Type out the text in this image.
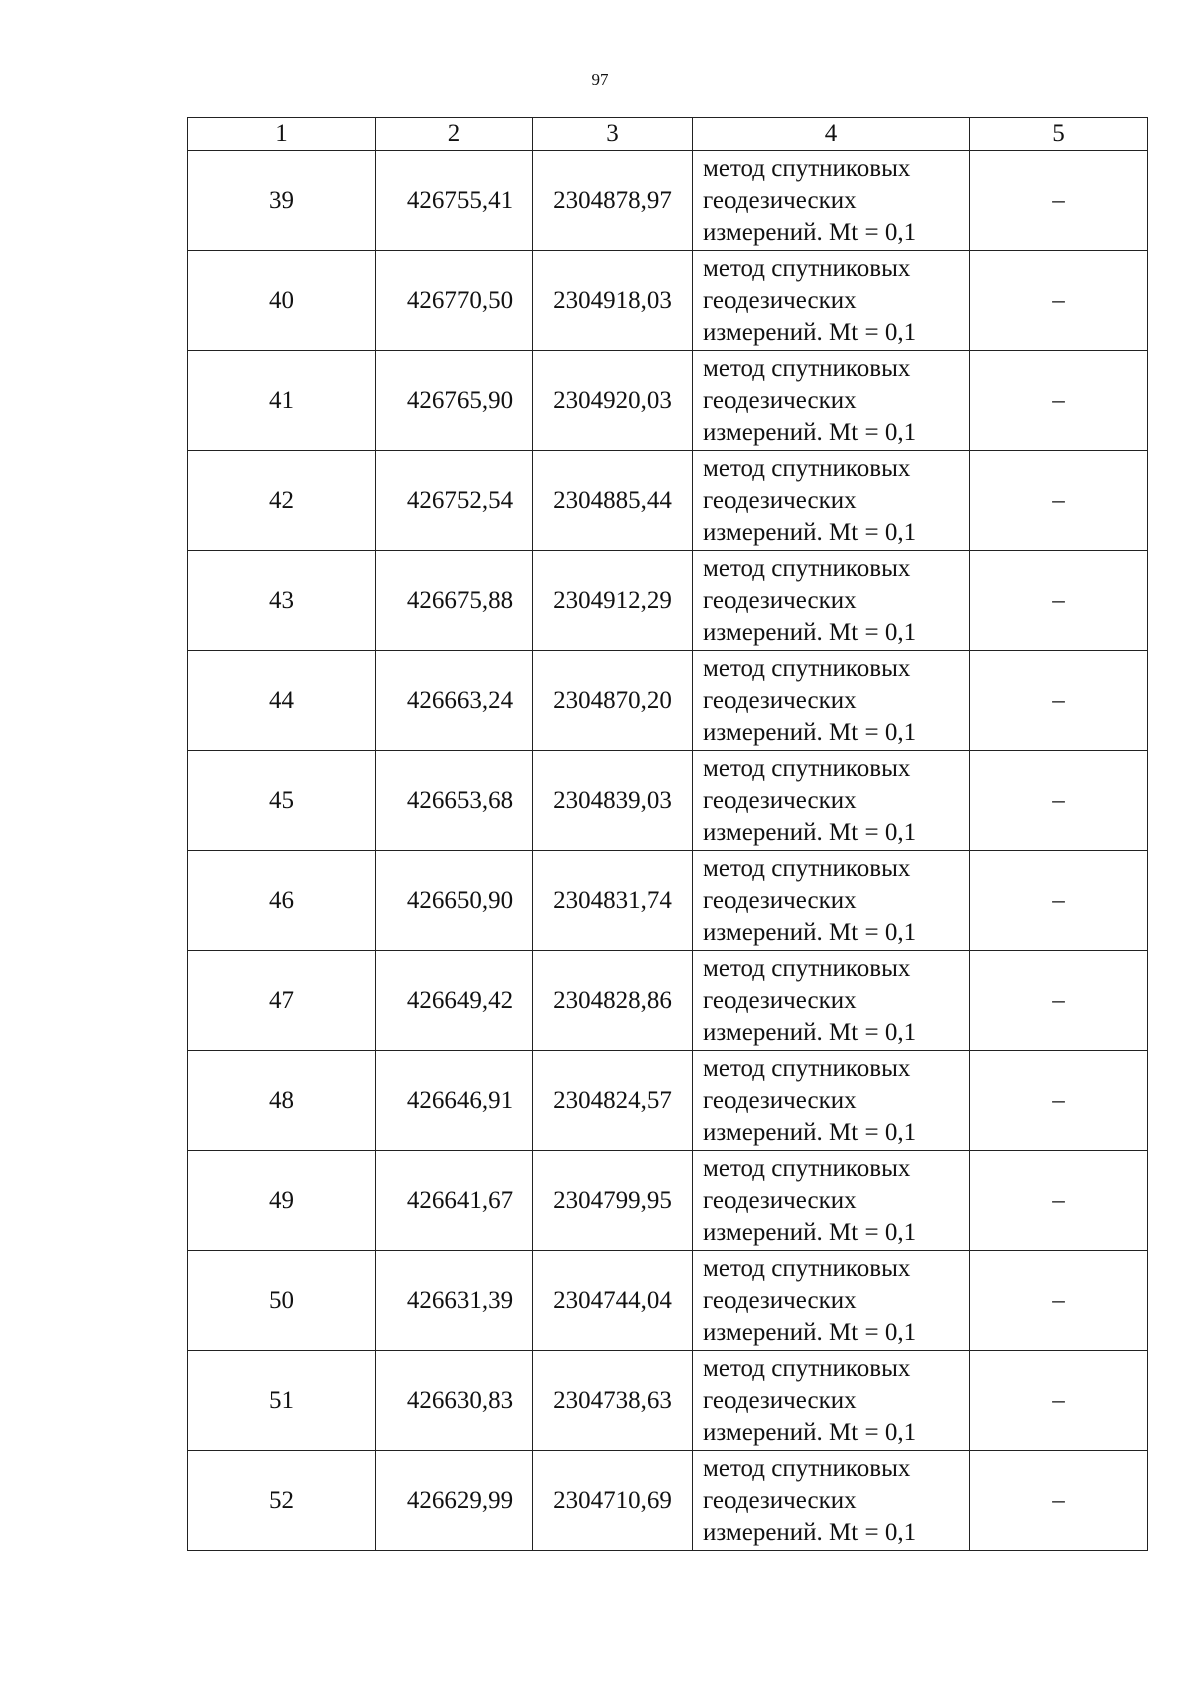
97
1	2	3	4	5
39	426755,41	2304878,97	метод спутниковых
геодезических
измерений. Mt = 0,1	–
40	426770,50	2304918,03	метод спутниковых
геодезических
измерений. Mt = 0,1	–
41	426765,90	2304920,03	метод спутниковых
геодезических
измерений. Mt = 0,1	–
42	426752,54	2304885,44	метод спутниковых
геодезических
измерений. Mt = 0,1	–
43	426675,88	2304912,29	метод спутниковых
геодезических
измерений. Mt = 0,1	–
44	426663,24	2304870,20	метод спутниковых
геодезических
измерений. Mt = 0,1	–
45	426653,68	2304839,03	метод спутниковых
геодезических
измерений. Mt = 0,1	–
46	426650,90	2304831,74	метод спутниковых
геодезических
измерений. Mt = 0,1	–
47	426649,42	2304828,86	метод спутниковых
геодезических
измерений. Mt = 0,1	–
48	426646,91	2304824,57	метод спутниковых
геодезических
измерений. Mt = 0,1	–
49	426641,67	2304799,95	метод спутниковых
геодезических
измерений. Mt = 0,1	–
50	426631,39	2304744,04	метод спутниковых
геодезических
измерений. Mt = 0,1	–
51	426630,83	2304738,63	метод спутниковых
геодезических
измерений. Mt = 0,1	–
52	426629,99	2304710,69	метод спутниковых
геодезических
измерений. Mt = 0,1	–
